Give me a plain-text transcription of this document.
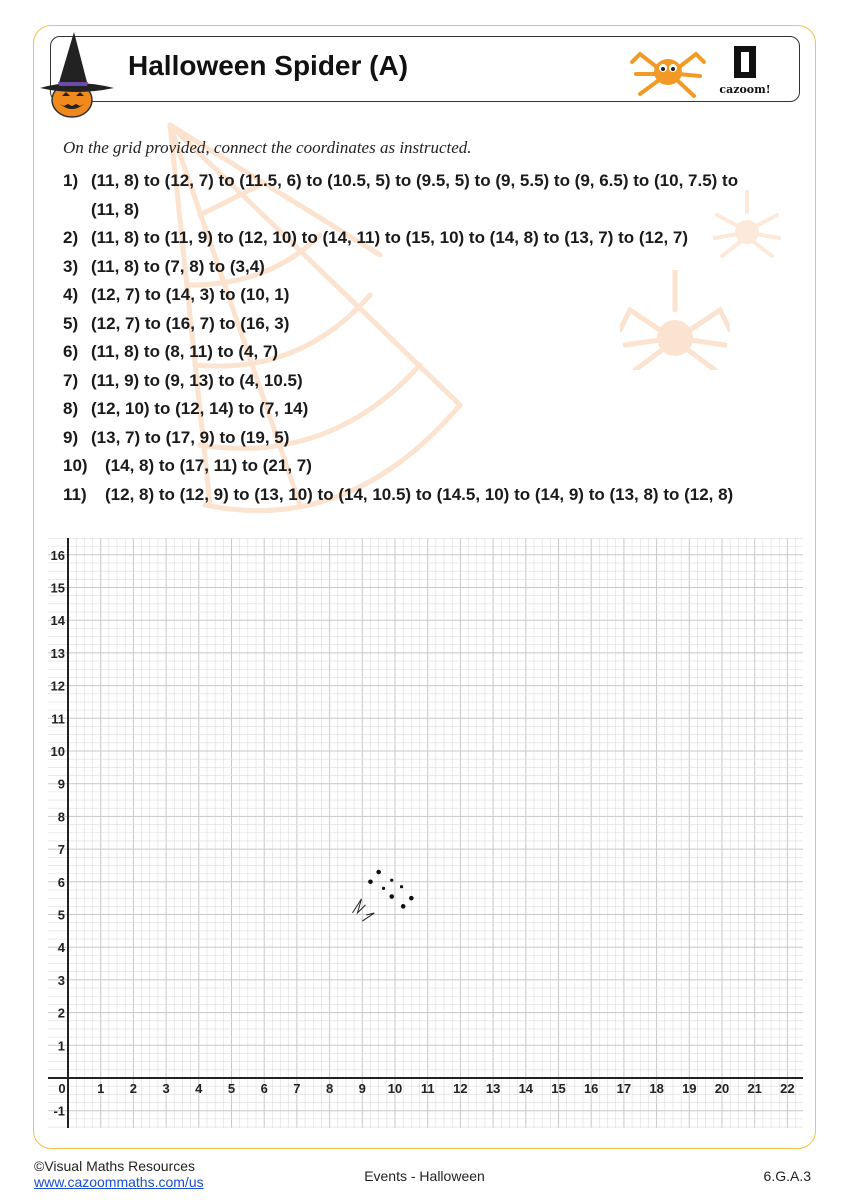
Halloween Spider (A)
cazoom!
On the grid provided, connect the coordinates as instructed.
1) (11, 8) to (12, 7) to (11.5, 6) to (10.5, 5) to (9.5, 5) to (9, 5.5) to (9, 6.5) to (10, 7.5) to
(11, 8)
2) (11, 8) to (11, 9) to (12, 10) to (14, 11) to (15, 10) to (14, 8) to (13, 7) to (12, 7)
3) (11, 8) to (7, 8) to (3,4)
4) (12, 7) to (14, 3) to (10, 1)
5) (12, 7) to (16, 7) to (16, 3)
6) (11, 8) to (8, 11) to (4, 7)
7) (11, 9) to (9, 13) to (4, 10.5)
8) (12, 10) to (12, 14) to (7, 14)
9) (13, 7) to (17, 9) to (19, 5)
10) (14, 8) to (17, 11) to (21, 7)
11) (12, 8) to (12, 9) to (13, 10) to (14, 10.5) to (14.5, 10) to (14, 9) to (13, 8) to (12, 8)
0 1 2 3 4 5 6 7 8 9 10 11 12 13 14 15 16 17 18 19 20 21 22
-1
1
2
3
4
5
6
7
8
9
10
11
12
13
14
15
16
©Visual Maths Resources
www.cazoommaths.com/us	Events - Halloween	6.G.A.3
